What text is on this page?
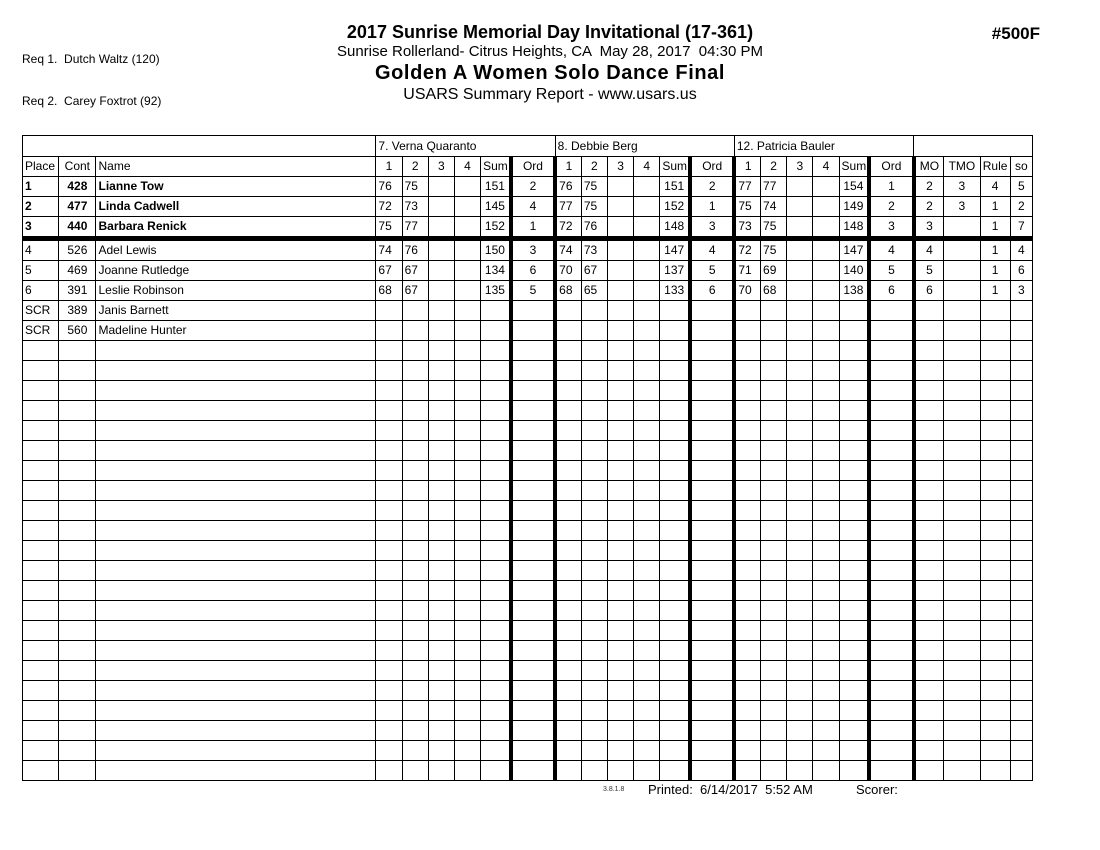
Req 1.  Dutch Waltz (120)

Req 2.  Carey Foxtrot (92)

2017 Sunrise Memorial Day Invitational (17-361)
Sunrise Rollerland- Citrus Heights, CA  May 28, 2017  04:30 PM
Golden A Women Solo Dance Final
USARS Summary Report - www.usars.us
#500F
			7. Verna Quaranto						8. Debbie Berg						12. Patricia Bauler									
Place	Cont	Name	1	2	3	4	Sum	Ord	1	2	3	4	Sum	Ord	1	2	3	4	Sum	Ord	MO	TMO	Rule	so
1	428	Lianne Tow	76	75			151	2	76	75			151	2	77	77			154	1	2	3	4	5
2	477	Linda Cadwell	72	73			145	4	77	75			152	1	75	74			149	2	2	3	1	2
3	440	Barbara Renick	75	77			152	1	72	76			148	3	73	75			148	3	3		1	7
4	526	Adel Lewis	74	76			150	3	74	73			147	4	72	75			147	4	4		1	4
5	469	Joanne Rutledge	67	67			134	6	70	67			137	5	71	69			140	5	5		1	6
6	391	Leslie Robinson	68	67			135	5	68	65			133	6	70	68			138	6	6		1	3
SCR	389	Janis Barnett																						
SCR	560	Madeline Hunter																						

3.8.1.8 Printed:  6/14/2017  5:52 AM	Scorer:
